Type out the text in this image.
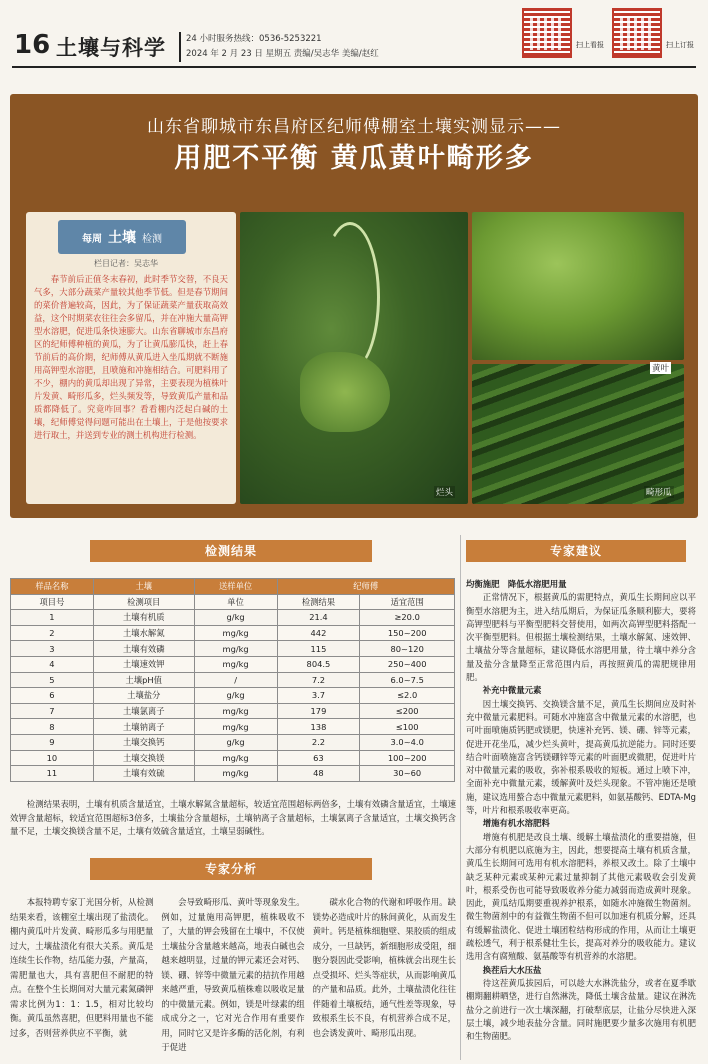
16 土壤与科学 24 小时服务热线：0536-5253221
2024 年 2 月 23 日 星期五 责编/吴志华 美编/赵红
扫上看报	扫上订报
山东省聊城市东昌府区纪师傅棚室土壤实测显示——
用肥不平衡 黄瓜黄叶畸形多
每周 土壤 检测
栏目记者：吴志华
春节前后正值冬末春初，此时季节交替，不良天气多，大部分蔬菜产量较其他季节低。但是春节期间的菜价普遍较高，因此，为了保证蔬菜产量获取高效益，这个时期菜农往往会多留瓜，并在冲施大量高钾型水溶肥，促进瓜条快速膨大。山东省聊城市东昌府区的纪师傅种植的黄瓜，为了让黄瓜膨瓜快，赶上春节前后的高价期，纪师傅从黄瓜进入坐瓜期就不断施用高钾型水溶肥，且喷施和冲施相结合。可肥料用了不少，棚内的黄瓜却出现了异常，主要表现为植株叶片发黄、畸形瓜多，烂头频发等，导致黄瓜产量和品质都降低了。究竟咋回事？看看棚内泛起白碱的土壤，纪师傅觉得问题可能出在土壤上，于是他按要求进行取土，并送到专业的测土机构进行检测。
烂头
黄叶
畸形瓜
检测结果
样品名称	土壤	送样单位	纪师傅	
项目号	检测项目	单位	检测结果	适宜范围
1	土壤有机质	g/kg	21.4	≥20.0
2	土壤水解氮	mg/kg	442	150~200
3	土壤有效磷	mg/kg	115	80~120
4	土壤速效钾	mg/kg	804.5	250~400
5	土壤pH值	/	7.2	6.0~7.5
6	土壤盐分	g/kg	3.7	≤2.0
7	土壤氯离子	mg/kg	179	≤200
8	土壤钠离子	mg/kg	138	≤100
9	土壤交换钙	g/kg	2.2	3.0~4.0
10	土壤交换镁	mg/kg	63	100~200
11	土壤有效硫	mg/kg	48	30~60
检测结果表明，土壤有机质含量适宜，土壤水解氮含量超标，较适宜范围超标两倍多，土壤有效磷含量适宜，土壤速效钾含量超标，较适宜范围超标3倍多，土壤盐分含量超标，土壤钠离子含量超标，土壤氯离子含量适宜，土壤交换钙含量不足，土壤交换镁含量不足，土壤有效硫含量适宜，土壤呈弱碱性。
专家分析
本报特聘专家丁光国分析，从检测结果来看，该棚室土壤出现了盐渍化。棚内黄瓜叶片发黄、畸形瓜多与用肥量过大，土壤盐渍化有很大关系。黄瓜是连续生长作物，结瓜能力强，产量高，需肥量也大，具有喜肥但不耐肥的特点。在整个生长期间对大量元素氮磷钾需求比例为1：1：1.5，相对比较均衡。黄瓜虽然喜肥，但肥料用量也不能过多，否则营养供应不平衡，就
会导致畸形瓜、黄叶等现象发生。例如，过量施用高钾肥，植株吸收不了，大量的钾会残留在土壤中，不仅使土壤盐分含量越来越高，地表白碱也会越来越明显，过量的钾元素还会对钙、镁、硼、锌等中微量元素的拮抗作用越来越严重，导致黄瓜植株难以吸收足量的中微量元素。例如，镁是叶绿素的组成成分之一，它对光合作用有重要作用，同时它又是许多酶的活化剂，有利于促进
碳水化合物的代谢和呼吸作用。缺镁势必造成叶片的脉间黄化，从而发生黄叶。钙是植株细胞壁、果胶质的组成成分，一旦缺钙，新细胞形成受阻，细胞分裂因此受影响，植株就会出现生长点受损坏、烂头等症状，从而影响黄瓜的产量和品质。此外，土壤盐渍化往往伴随着土壤板结，通气性差等现象，导致根系生长不良，有机营养合成不足，也会诱发黄叶、畸形瓜出现。
专家建议
均衡施肥　降低水溶肥用量

正常情况下，根据黄瓜的需肥特点，黄瓜生长期间应以平衡型水溶肥为主，进入结瓜期后，为保证瓜条顺利膨大，要将高钾型肥料与平衡型肥料交替使用，如两次高钾型肥料搭配一次平衡型肥料。但根据土壤检测结果，土壤水解氮、速效钾、土壤盐分等含量超标，建议降低水溶肥用量，待土壤中养分含量及盐分含量降至正常范围内后，再按照黄瓜的需肥规律用肥。

补充中微量元素

因土壤交换钙、交换镁含量不足，黄瓜生长期间应及时补充中微量元素肥料。可随水冲施富含中微量元素的水溶肥，也可叶面喷施质钙肥或镁肥，快速补充钙、镁、硼、锌等元素，促进开花坐瓜，减少烂头黄叶，提高黄瓜抗逆能力。同时还要结合叶面喷施富含钙镁硼锌等元素的叶面肥或微肥，促进叶片对中微量元素的吸收，弥补根系吸收的短板。通过上喷下冲，全面补充中微量元素，缓解黄叶及烂头现象。不管冲施还是喷施，建议选用螯合态中微量元素肥料，如氨基酸钙、EDTA-Mg等，叶片和根系吸收率更高。

增施有机水溶肥料

增施有机肥是改良土壤、缓解土壤盐渍化的重要措施，但大部分有机肥以底施为主，因此，想要提高土壤有机质含量，黄瓜生长期间可选用有机水溶肥料，养根又改土。除了土壤中缺乏某种元素或某种元素过量抑制了其他元素吸收会引发黄叶，根系受伤也可能导致吸收养分能力减弱而造成黄叶现象。因此，黄瓜结瓜期要重视养护根系，如随水冲施微生物菌剂。微生物菌剂中的有益微生物菌不但可以加速有机质分解，还具有缓解盐渍化、促进土壤团粒结构形成的作用，从而让土壤更疏松透气，利于根系健壮生长，提高对养分的吸收能力。建议选用含有腐殖酸、氨基酸等有机营养的水溶肥。

换茬后大水压盐

待这茬黄瓜拔园后，可以趁大水淋洗盐分，或者在夏季歇棚期翻耕晒垡，进行自然淋洗，降低土壤含盐量。建议在淋洗盐分之前进行一次土壤深翻，打破犁底层，让盐分尽快进入深层土壤，减少地表盐分含量。同时施肥要少量多次施用有机肥和生物菌肥。
